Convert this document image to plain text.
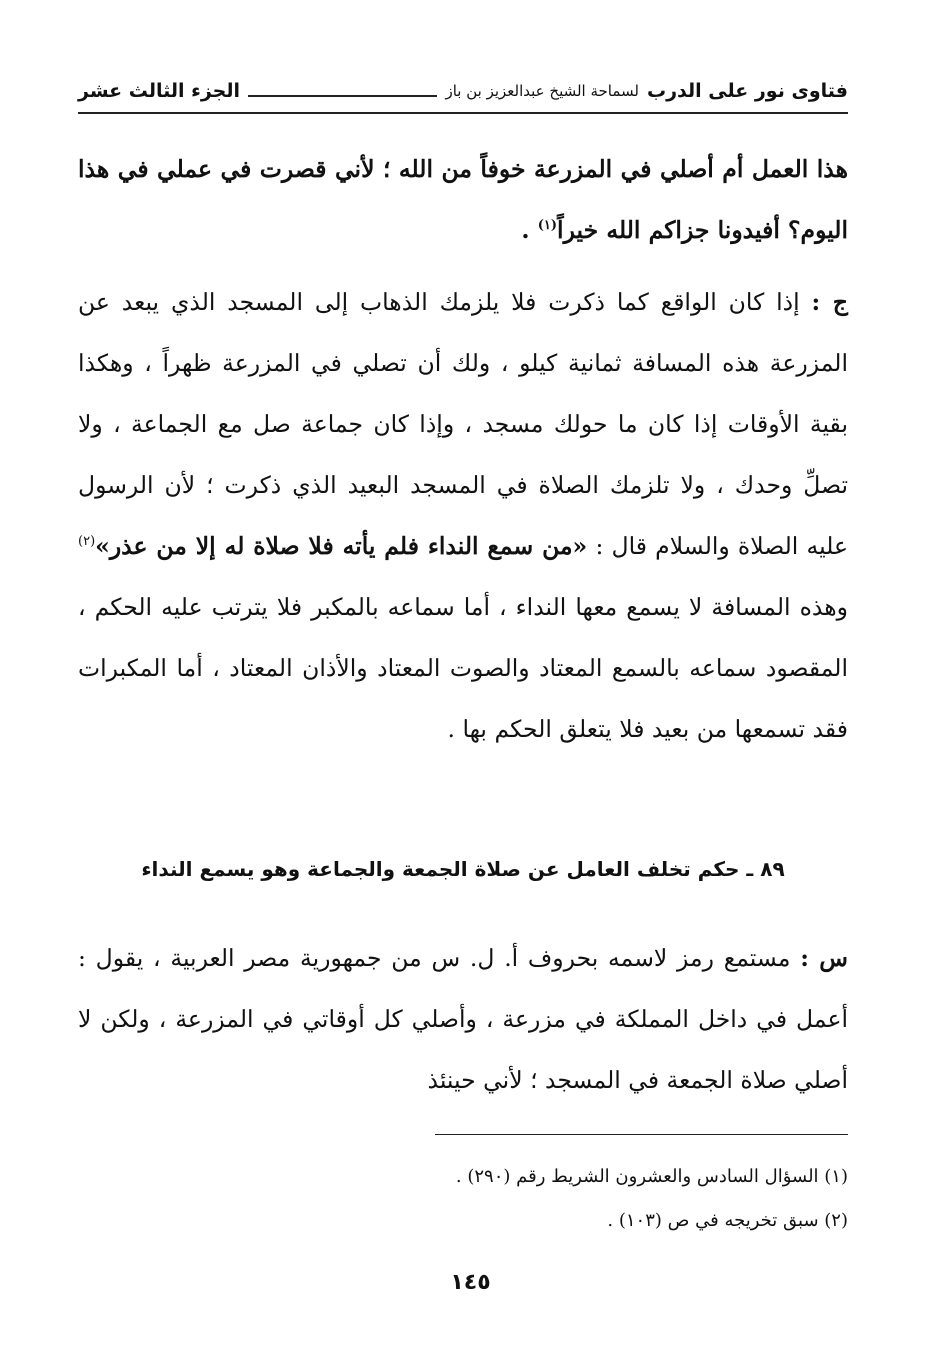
فتاوى نور على الدرب
لسماحة الشيخ عبدالعزيز بن باز
الجزء الثالث عشر
هذا العمل أم أصلي في المزرعة خوفاً من الله ؛ لأني قصرت في عملي في هذا اليوم؟ أفيدونا جزاكم الله خيراً$^{(١)}$ .
ج : إذا كان الواقع كما ذكرت فلا يلزمك الذهاب إلى المسجد الذي يبعد عن المزرعة هذه المسافة ثمانية كيلو ، ولك أن تصلي في المزرعة ظهراً ، وهكذا بقية الأوقات إذا كان ما حولك مسجد ، وإذا كان جماعة صل مع الجماعة ، ولا تصلِّ وحدك ، ولا تلزمك الصلاة في المسجد البعيد الذي ذكرت ؛ لأن الرسول عليه الصلاة والسلام قال : «من سمع النداء فلم يأته فلا صلاة له إلا من عذر»$^{(٢)}$ وهذه المسافة لا يسمع معها النداء ، أما سماعه بالمكبر فلا يترتب عليه الحكم ، المقصود سماعه بالسمع المعتاد والصوت المعتاد والأذان المعتاد ، أما المكبرات فقد تسمعها من بعيد فلا يتعلق الحكم بها .
٨٩ ـ حكم تخلف العامل عن صلاة الجمعة والجماعة وهو يسمع النداء
س : مستمع رمز لاسمه بحروف أ. ل. س من جمهورية مصر العربية ، يقول : أعمل في داخل المملكة في مزرعة ، وأصلي كل أوقاتي في المزرعة ، ولكن لا أصلي صلاة الجمعة في المسجد ؛ لأني حينئذ
(١) السؤال السادس والعشرون الشريط رقم (٢٩٠) .
(٢) سبق تخريجه في ص (١٠٣) .
١٤٥
